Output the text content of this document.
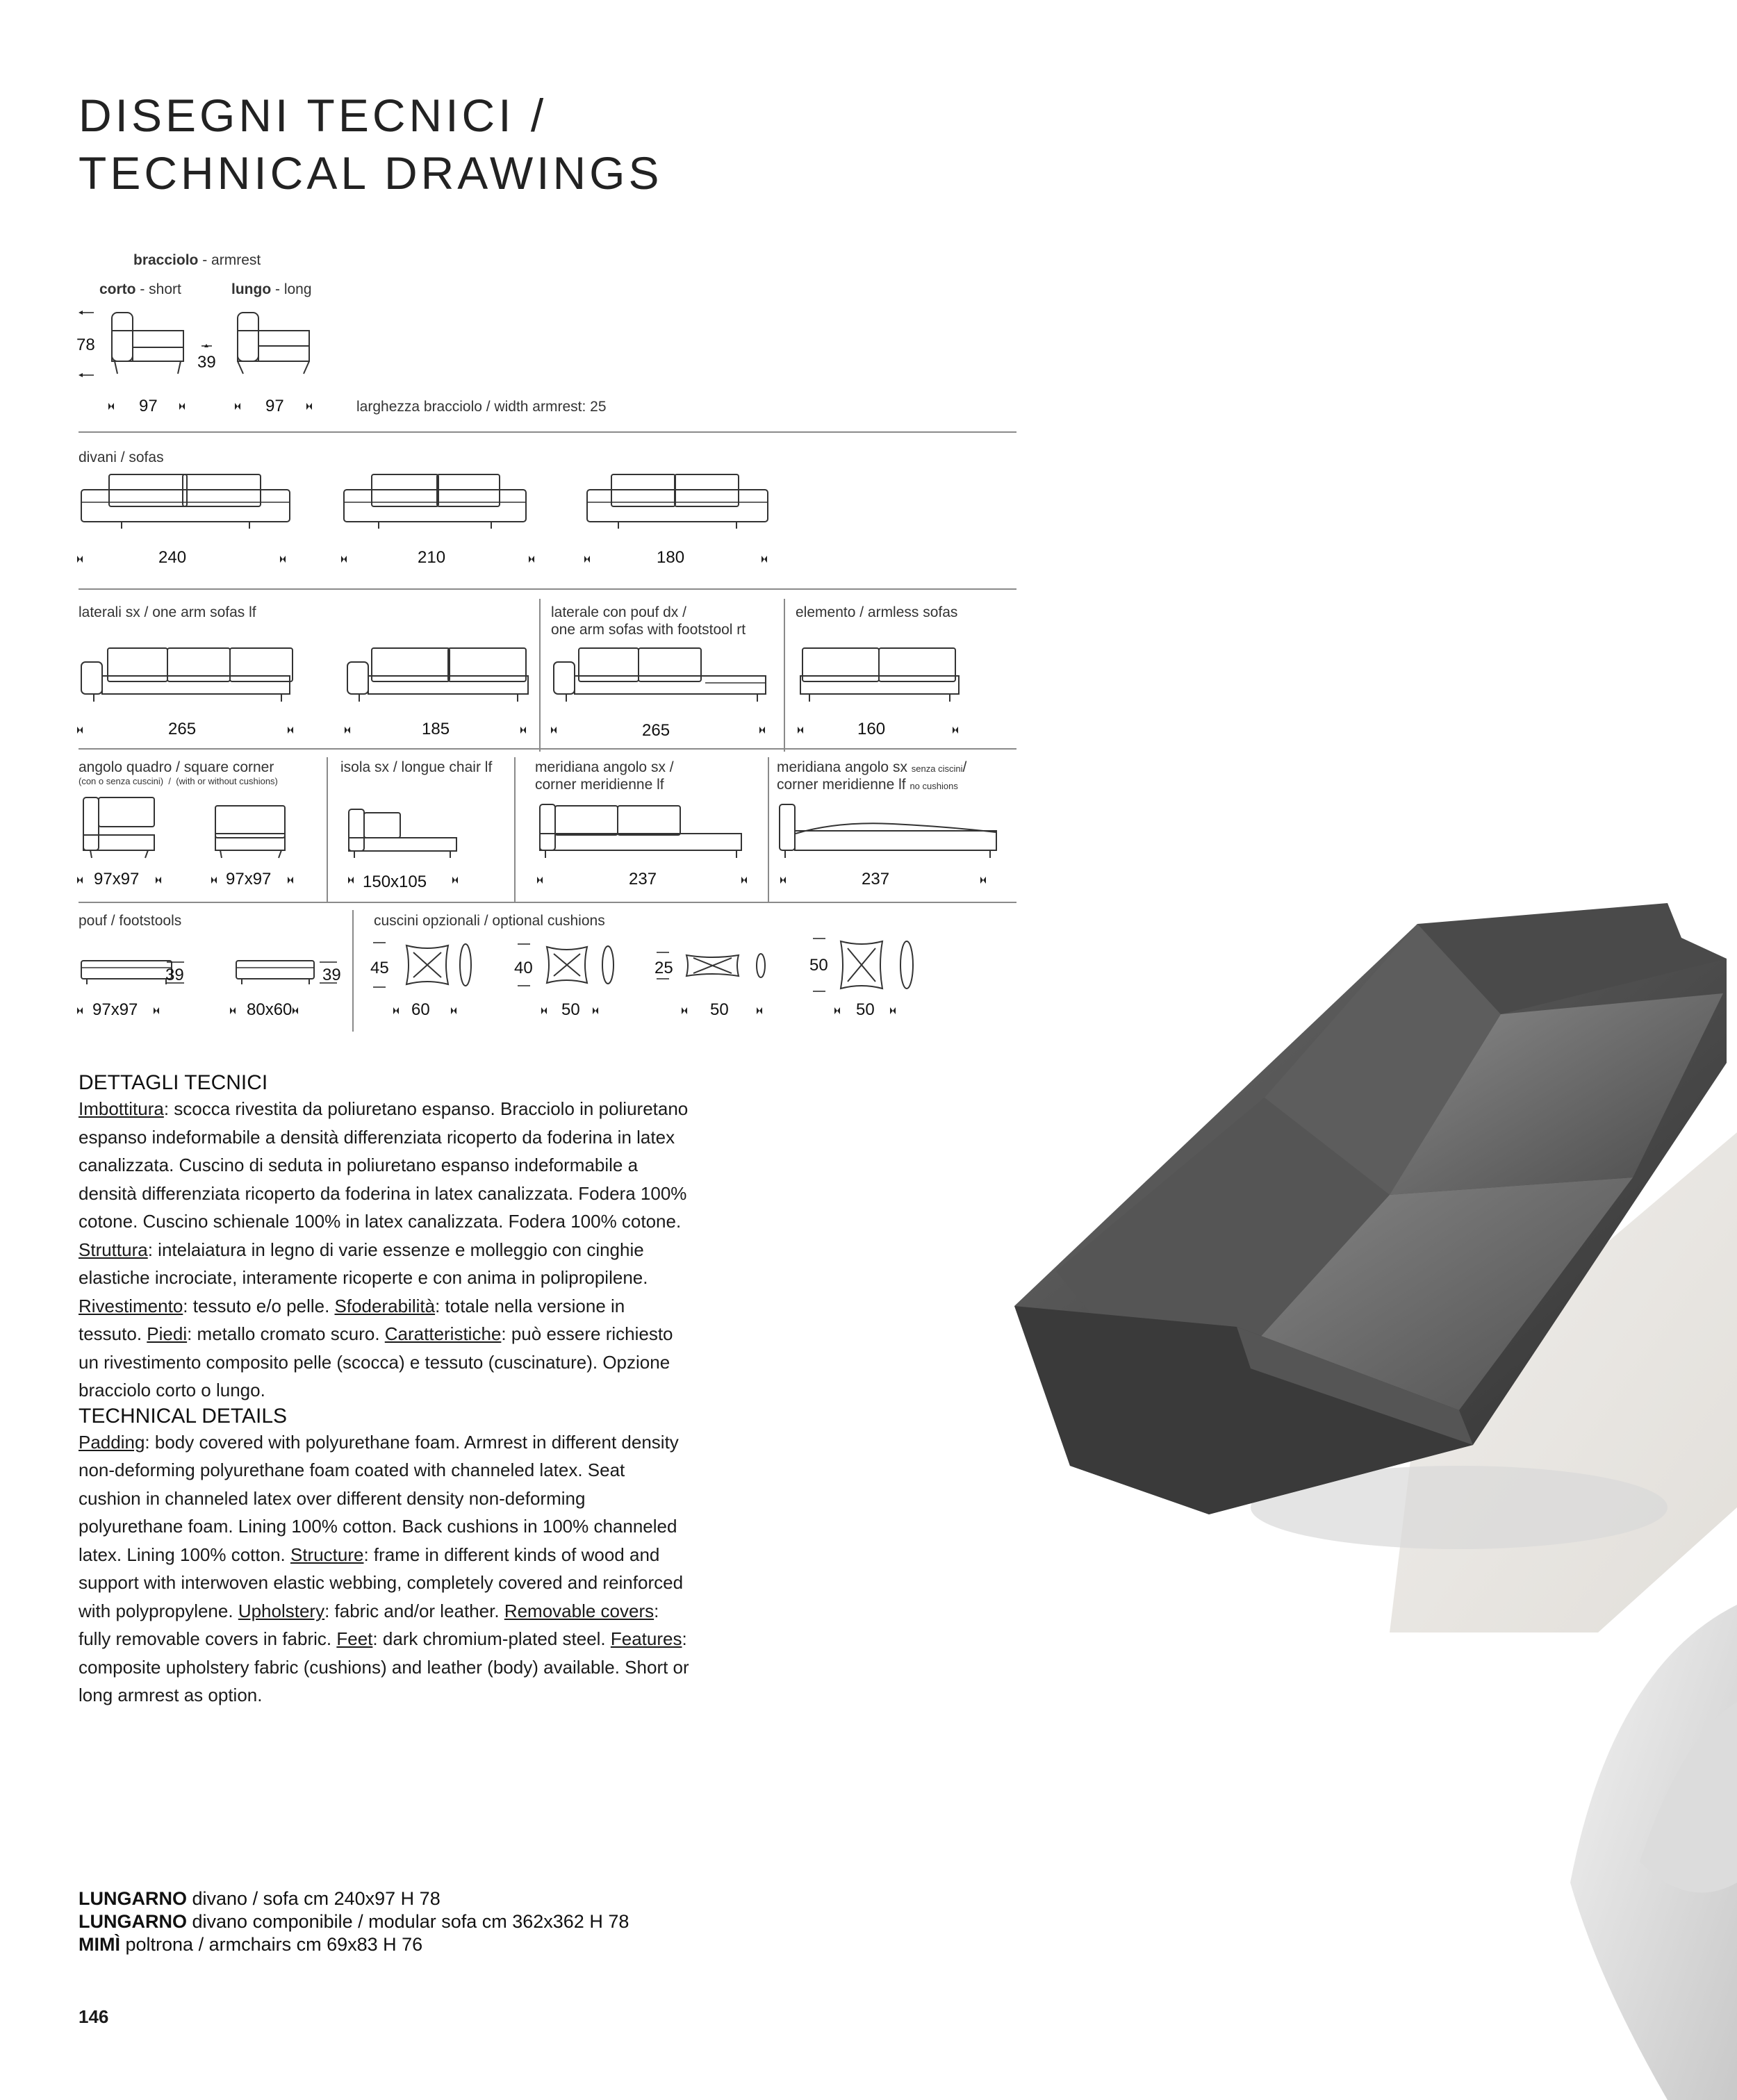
DISEGNI TECNICI /
TECHNICAL DRAWINGS
bracciolo - armrest
corto - short	lungo - long
78
39
97	97	larghezza bracciolo / width armrest: 25
divani / sofas
240	210	180
laterali sx / one arm sofas lf	laterale con pouf dx /
one arm sofas with footstool rt
elemento / armless sofas
265	185	265	160
angolo quadro / square corner
(con o senza cuscini) / (with or without cushions)
isola sx / longue chair lf	meridiana angolo sx /
corner meridienne lf
meridiana angolo sx senza ciscini/
corner meridienne lf no cushions
97x97	97x97	150x105	237	237
pouf / footstools	cuscini opzionali / optional cushions
39	39 45	40	25	50
97x97	80x60	60	50	50	50
DETTAGLI TECNICI
Imbottitura: scocca rivestita da poliuretano espanso. Bracciolo in poliuretano espanso indeformabile a densità differenziata ricoperto da foderina in latex canalizzata. Cuscino di seduta in poliuretano espanso indeformabile a densità differenziata ricoperto da foderina in latex canalizzata. Fodera 100% cotone. Cuscino schienale 100% in latex canalizzata. Fodera 100% cotone. Struttura: intelaiatura in legno di varie essenze e molleggio con cinghie elastiche incrociate, interamente ricoperte e con anima in polipropilene. Rivestimento: tessuto e/o pelle. Sfoderabilità: totale nella versione in tessuto. Piedi: metallo cromato scuro. Caratteristiche: può essere richiesto un rivestimento composito pelle (scocca) e tessuto (cuscinature). Opzione bracciolo corto o lungo.
TECHNICAL DETAILS
Padding: body covered with polyurethane foam. Armrest in different density non-deforming polyurethane foam coated with channeled latex. Seat cushion in channeled latex over different density non-deforming polyurethane foam. Lining 100% cotton. Back cushions in 100% channeled latex. Lining 100% cotton. Structure: frame in different kinds of wood and support with interwoven elastic webbing, completely covered and reinforced with polypropylene. Upholstery: fabric and/or leather. Removable covers: fully removable covers in fabric. Feet: dark chromium-plated steel. Features: composite upholstery fabric (cushions) and leather (body) available. Short or long armrest as option.
LUNGARNO divano / sofa cm 240x97 H 78
LUNGARNO divano componibile / modular sofa cm 362x362 H 78
MIMÌ poltrona / armchairs cm 69x83 H 76
146
